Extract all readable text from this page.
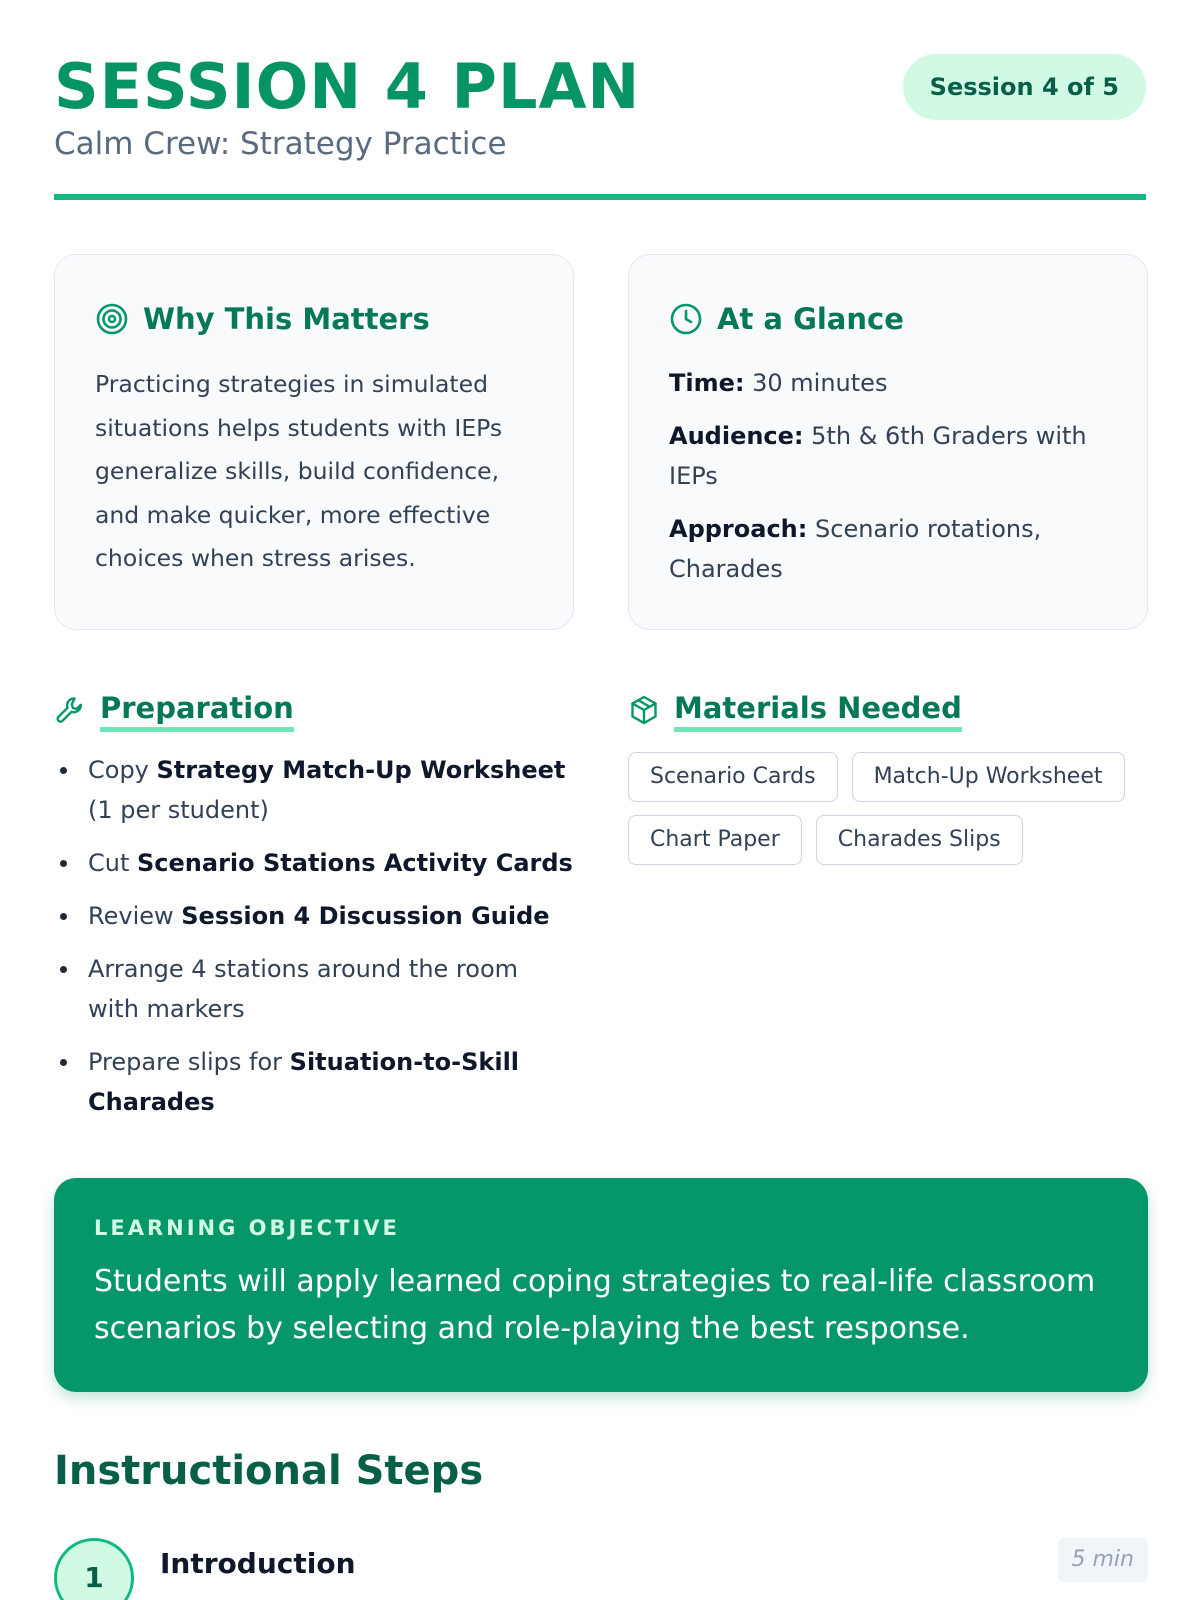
SESSION 4 PLAN
Calm Crew: Strategy Practice
Session 4 of 5
Why This Matters

Practicing strategies in simulated situations helps students with IEPs generalize skills, build confidence, and make quicker, more effective choices when stress arises.

At a Glance
Time: 30 minutes
Audience: 5th & 6th Graders with IEPs
Approach: Scenario rotations, Charades
Preparation
Copy Strategy Match-Up Worksheet (1 per student)
Cut Scenario Stations Activity Cards
Review Session 4 Discussion Guide
Arrange 4 stations around the room with markers
Prepare slips for Situation-to-Skill Charades
Materials Needed
Scenario Cards	Match-Up Worksheet
Chart Paper	Charades Slips
LEARNING OBJECTIVE
Students will apply learned coping strategies to real-life classroom scenarios by selecting and role-playing the best response.
Instructional Steps
1	Introduction	5 min
